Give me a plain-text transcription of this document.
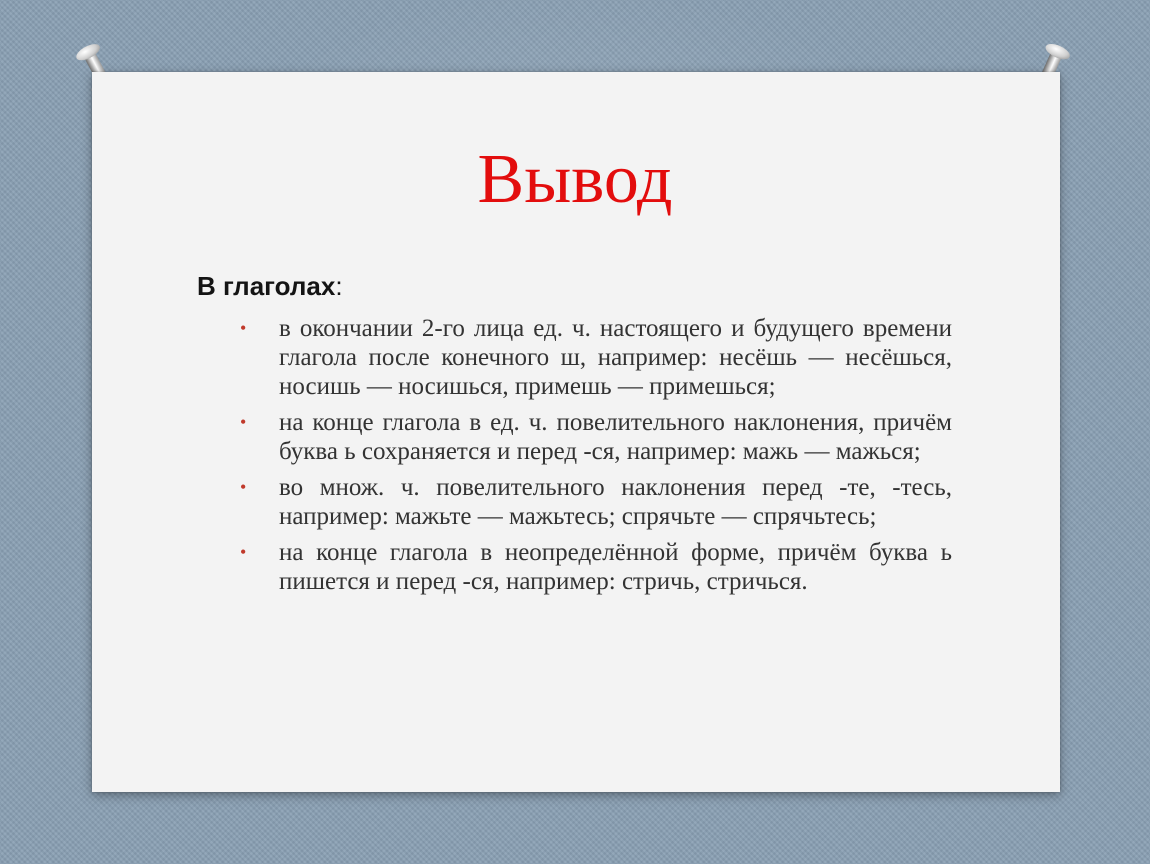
Вывод
В глаголах:
• в окончании 2-го лица ед. ч. настоящего и будущего времени глагола после конечного ш, например: несёшь — несёшься, носишь — носишься, примешь — примешься;
• на конце глагола в ед. ч. повелительного наклонения, причём буква ь сохраняется и перед -ся, например: мажь — мажься;
• во множ. ч. повелительного наклонения перед -те, -тесь, например: мажьте — мажьтесь; спрячьте — спрячьтесь;
• на конце глагола в неопределённой форме, причём буква ь пишется и перед -ся, например: стричь, стричься.
